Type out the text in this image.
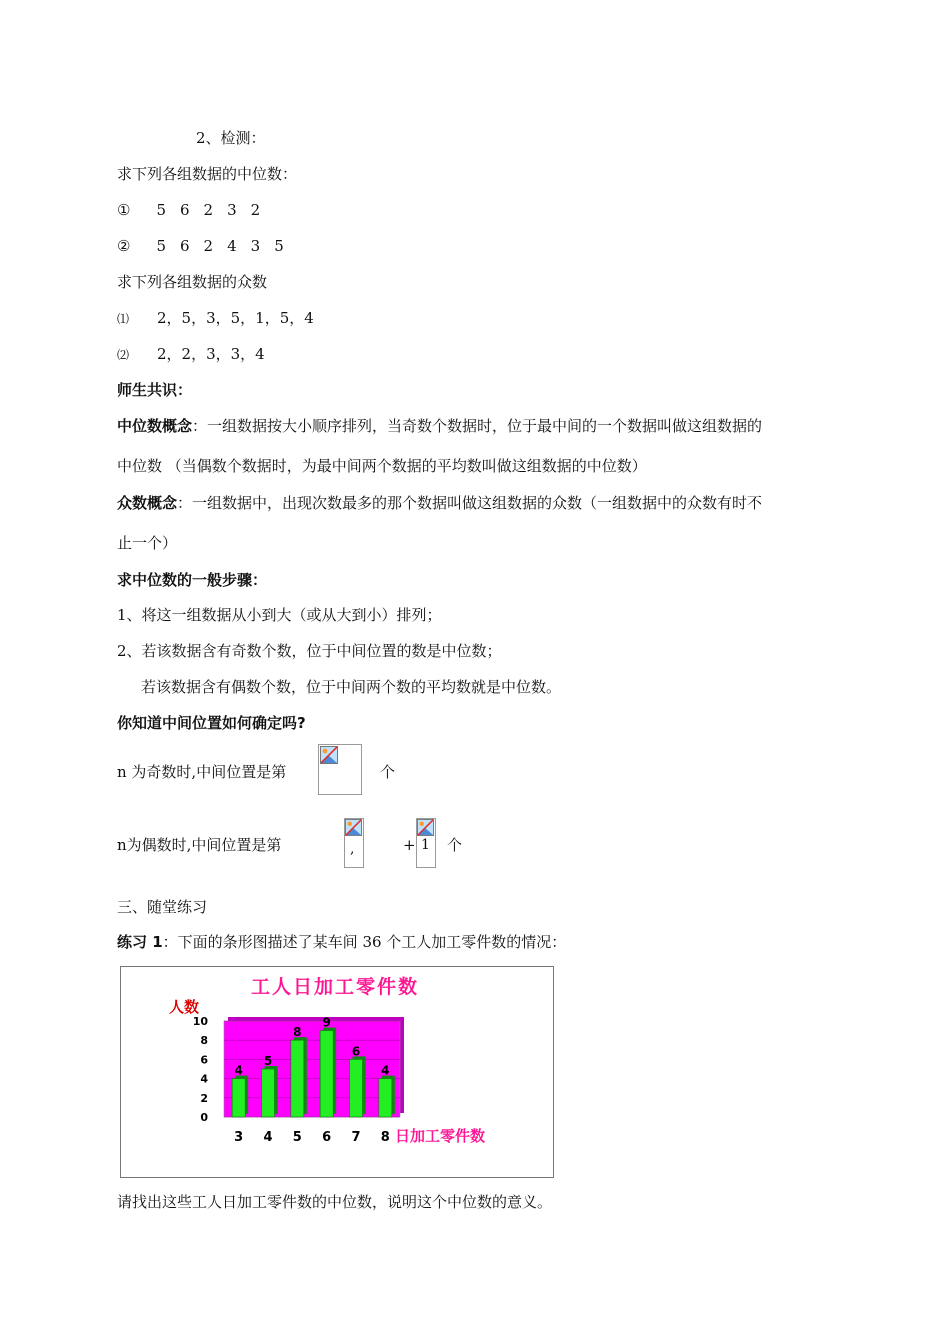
2、检测：
求下列各组数据的中位数：
① 5 6 2 3 2
② 5 6 2 4 3 5
求下列各组数据的众数
⑴ 2，5，3，5，1，5，4
⑵ 2，2，3，3，4
师生共识：
中位数概念：一组数据按大小顺序排列，当奇数个数据时，位于最中间的一个数据叫做这组数据的
中位数 （当偶数个数据时，为最中间两个数据的平均数叫做这组数据的中位数）
众数概念：一组数据中，出现次数最多的那个数据叫做这组数据的众数（一组数据中的众数有时不
止一个）
求中位数的一般步骤：
1、将这一组数据从小到大（或从大到小）排列；
2、若该数据含有奇数个数，位于中间位置的数是中位数；
若该数据含有偶数个数，位于中间两个数的平均数就是中位数。
你知道中间位置如何确定吗?
n 为奇数时,中间位置是第	个
n为偶数时,中间位置是第	,	+ 1 个
三、随堂练习
练习 1：下面的条形图描述了某车间 36 个工人加工零件数的情况：
0
2
4
6
8
10
工人日加工零件数
人数
日加工零件数
4
3
5
4
8
5
9
6
6
7
4
8
请找出这些工人日加工零件数的中位数，说明这个中位数的意义。
